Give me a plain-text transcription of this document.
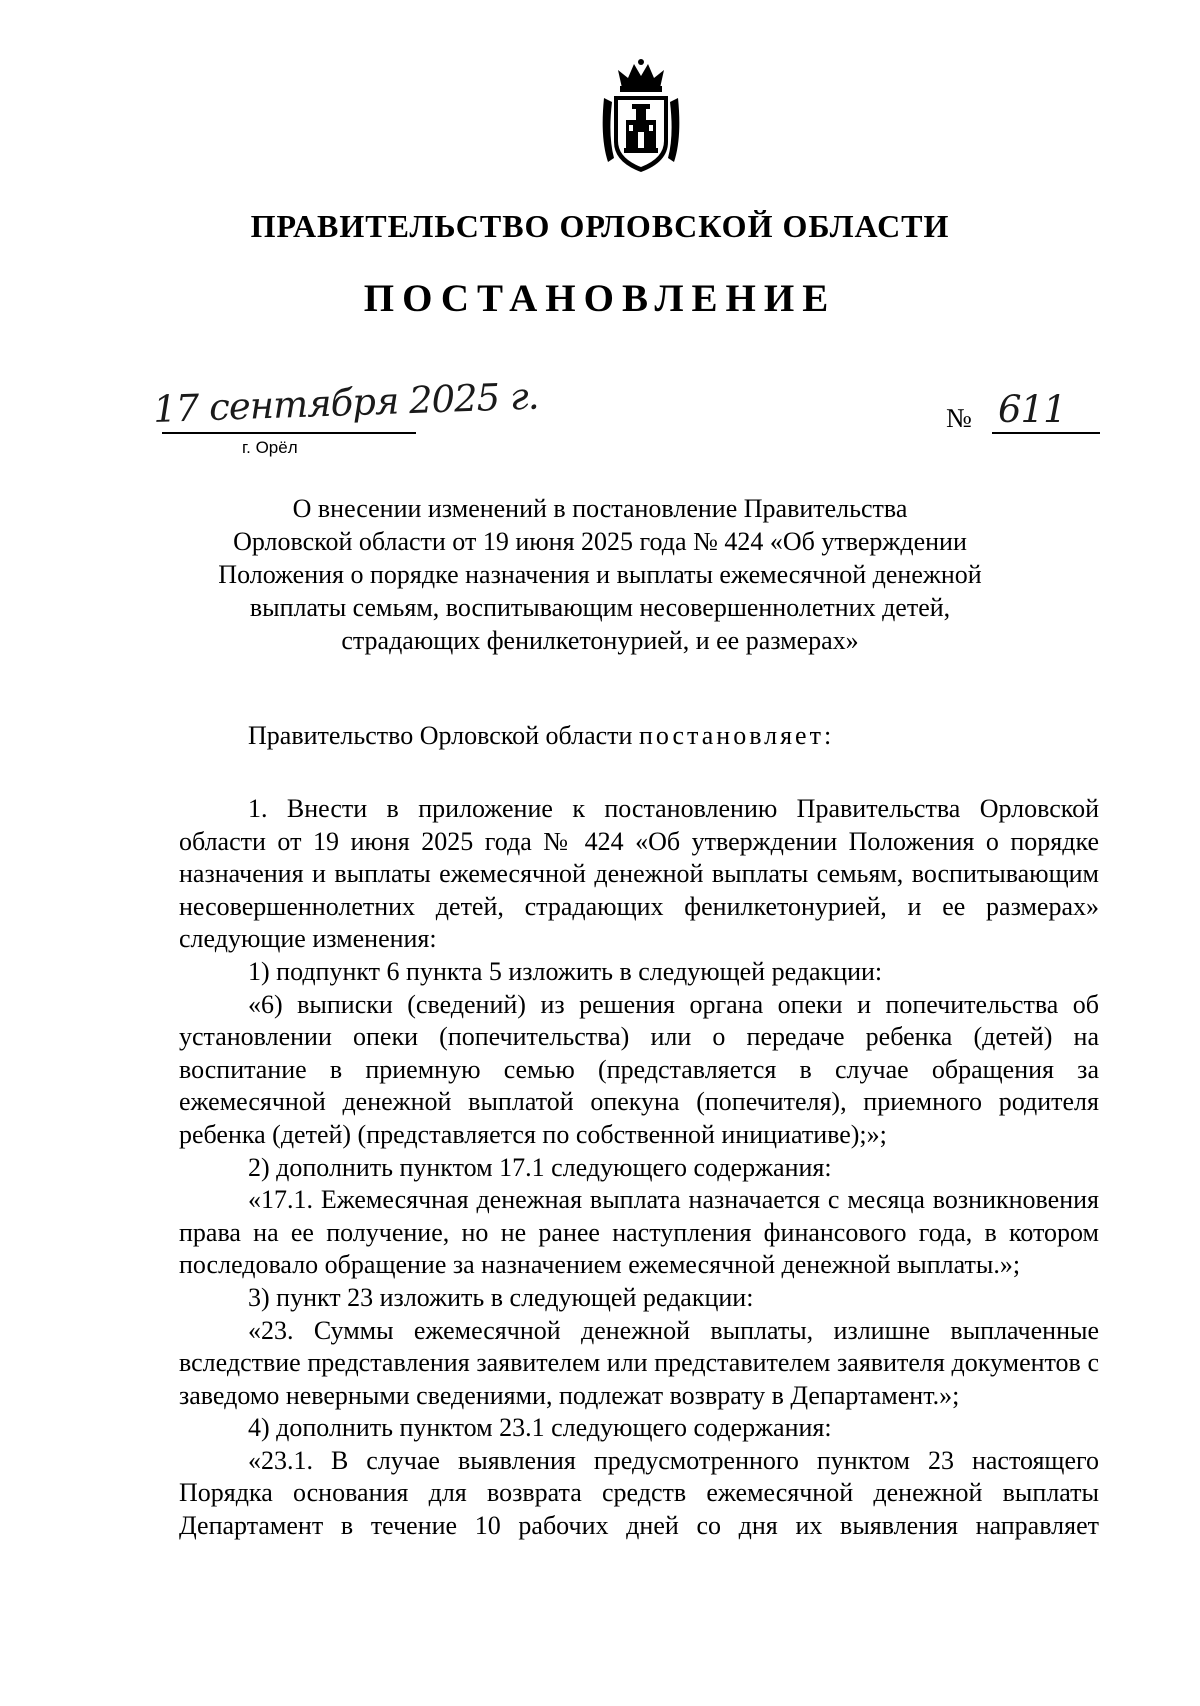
ПРАВИТЕЛЬСТВО ОРЛОВСКОЙ ОБЛАСТИ
ПОСТАНОВЛЕНИЕ
17 сентября 2025 г.
г. Орёл
№ 611
О внесении изменений в постановление Правительства
Орловской области от 19 июня 2025 года № 424 «Об утверждении
Положения о порядке назначения и выплаты ежемесячной денежной
выплаты семьям, воспитывающим несовершеннолетних детей,
страдающих фенилкетонурией, и ее размерах»
Правительство Орловской области постановляет:

1. Внести в приложение к постановлению Правительства Орловской области от 19 июня 2025 года № 424 «Об утверждении Положения о порядке назначения и выплаты ежемесячной денежной выплаты семьям, воспитывающим несовершеннолетних детей, страдающих фенилкетонурией, и ее размерах» следующие изменения:

1) подпункт 6 пункта 5 изложить в следующей редакции:

«6) выписки (сведений) из решения органа опеки и попечительства об установлении опеки (попечительства) или о передаче ребенка (детей) на воспитание в приемную семью (представляется в случае обращения за ежемесячной денежной выплатой опекуна (попечителя), приемного родителя ребенка (детей) (представляется по собственной инициативе);»;

2) дополнить пунктом 17.1 следующего содержания:

«17.1. Ежемесячная денежная выплата назначается с месяца возникновения права на ее получение, но не ранее наступления финансового года, в котором последовало обращение за назначением ежемесячной денежной выплаты.»;

3) пункт 23 изложить в следующей редакции:

«23. Суммы ежемесячной денежной выплаты, излишне выплаченные вследствие представления заявителем или представителем заявителя документов с заведомо неверными сведениями, подлежат возврату в Департамент.»;

4) дополнить пунктом 23.1 следующего содержания:

«23.1. В случае выявления предусмотренного пунктом 23 настоящего Порядка основания для возврата средств ежемесячной денежной выплаты Департамент в течение 10 рабочих дней со дня их выявления направляет
